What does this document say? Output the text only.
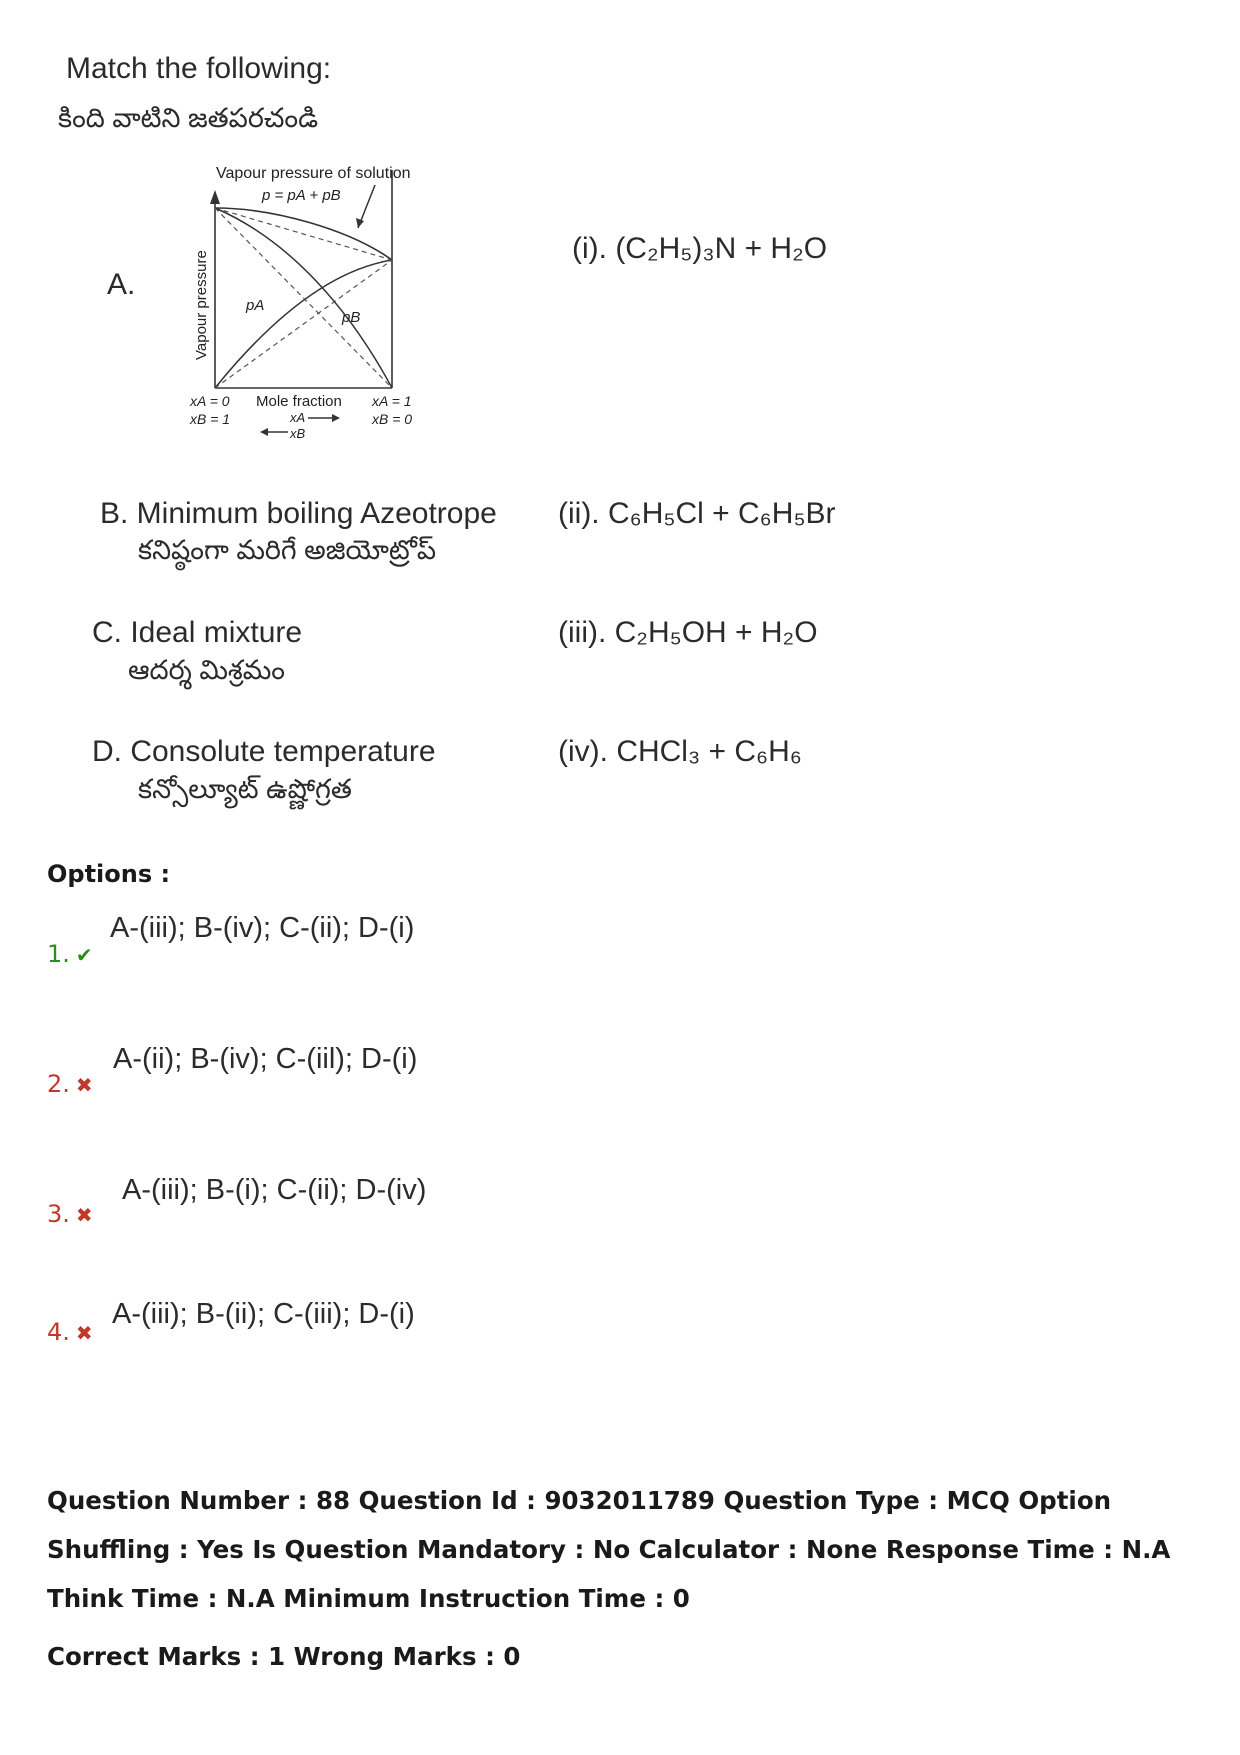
Match the following:
కింది వాటిని జతపరచండి
A.
Vapour pressure of solution
p = pA + pB
pA
pB
Vapour pressure
xA = 0
xB = 1
Mole fraction
xA
xB
xA = 1
xB = 0
(i). (C₂H₅)₃N + H₂O
B. Minimum boiling Azeotrope
కనిష్ఠంగా మరిగే అజియోట్రోప్
(ii). C₆H₅Cl + C₆H₅Br
C. Ideal mixture
ఆదర్శ మిశ్రమం
(iii). C₂H₅OH + H₂O
D. Consolute temperature
కన్సోల్యూట్ ఉష్ణోగ్రత
(iv). CHCl₃ + C₆H₆
Options :
1. ✔
A-(iii); B-(iv); C-(ii); D-(i)
2. ✖
A-(ii); B-(iv); C-(iil); D-(i)
3. ✖
A-(iii); B-(i); C-(ii); D-(iv)
4. ✖
A-(iii); B-(ii); C-(iii); D-(i)
Question Number : 88 Question Id : 9032011789 Question Type : MCQ Option Shuffling : Yes Is Question Mandatory : No Calculator : None Response Time : N.A Think Time : N.A Minimum Instruction Time : 0
Correct Marks : 1 Wrong Marks : 0
